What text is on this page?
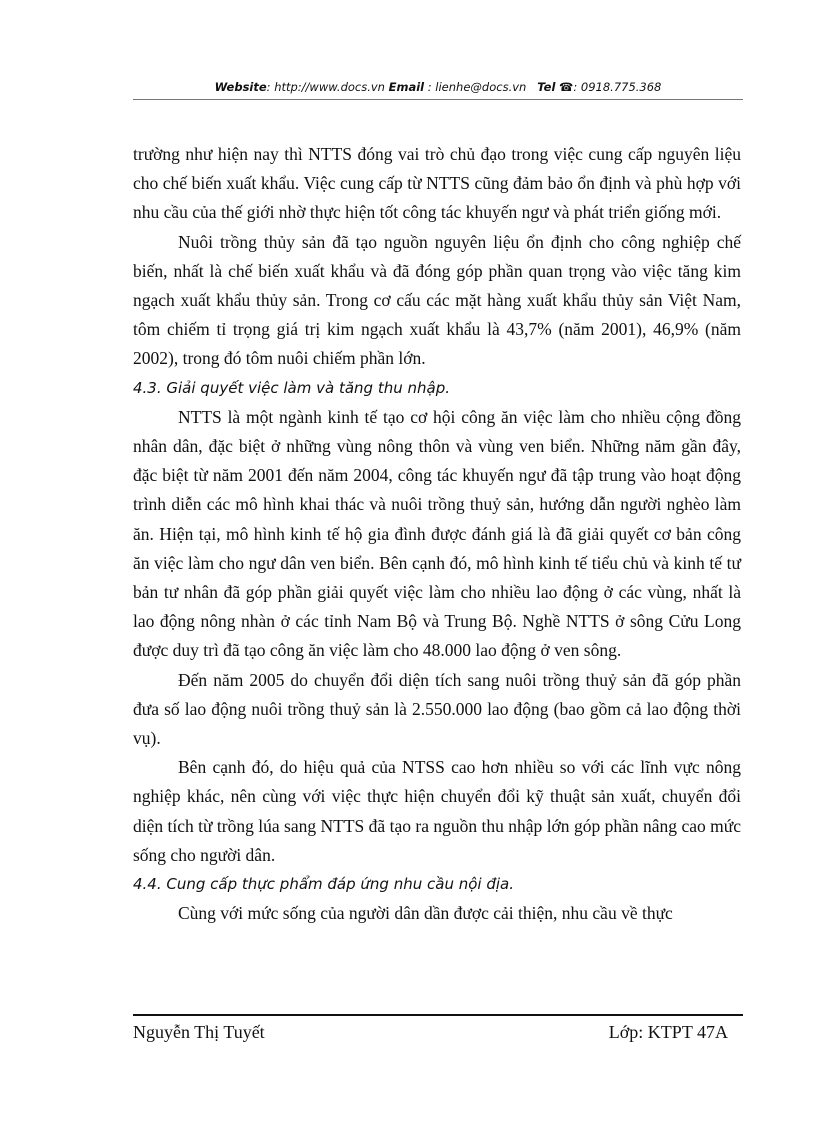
Website: http://www.docs.vn Email : lienhe@docs.vn Tel ☎: 0918.775.368

trường như hiện nay thì NTTS đóng vai trò chủ đạo trong việc cung cấp nguyên liệu cho chế biến xuất khẩu. Việc cung cấp từ NTTS cũng đảm bảo ổn định và phù hợp với nhu cầu của thế giới nhờ thực hiện tốt công tác khuyến ngư và phát triển giống mới.

Nuôi trồng thủy sản đã tạo nguồn nguyên liệu ổn định cho công nghiệp chế biến, nhất là chế biến xuất khẩu và đã đóng góp phần quan trọng vào việc tăng kim ngạch xuất khẩu thủy sản. Trong cơ cấu các mặt hàng xuất khẩu thủy sản Việt Nam, tôm chiếm tỉ trọng giá trị kim ngạch xuất khẩu là 43,7% (năm 2001), 46,9% (năm 2002), trong đó tôm nuôi chiếm phần lớn.

4.3. Giải quyết việc làm và tăng thu nhập.

NTTS là một ngành kinh tế tạo cơ hội công ăn việc làm cho nhiều cộng đồng nhân dân, đặc biệt ở những vùng nông thôn và vùng ven biển. Những năm gần đây, đặc biệt từ năm 2001 đến năm 2004, công tác khuyến ngư đã tập trung vào hoạt động trình diễn các mô hình khai thác và nuôi trồng thuỷ sản, hướng dẫn người nghèo làm ăn. Hiện tại, mô hình kinh tế hộ gia đình được đánh giá là đã giải quyết cơ bản công ăn việc làm cho ngư dân ven biển. Bên cạnh đó, mô hình kinh tế tiểu chủ và kinh tế tư bản tư nhân đã góp phần giải quyết việc làm cho nhiều lao động ở các vùng, nhất là lao động nông nhàn ở các tỉnh Nam Bộ và Trung Bộ. Nghề NTTS ở sông Cửu Long được duy trì đã tạo công ăn việc làm cho 48.000 lao động ở ven sông.

Đến năm 2005 do chuyển đổi diện tích sang nuôi trồng thuỷ sản đã góp phần đưa số lao động nuôi trồng thuỷ sản là 2.550.000 lao động (bao gồm cả lao động thời vụ).

Bên cạnh đó, do hiệu quả của NTSS cao hơn nhiều so với các lĩnh vực nông nghiệp khác, nên cùng với việc thực hiện chuyển đổi kỹ thuật sản xuất, chuyển đổi diện tích từ trồng lúa sang NTTS đã tạo ra nguồn thu nhập lớn góp phần nâng cao mức sống cho người dân.

4.4. Cung cấp thực phẩm đáp ứng nhu cầu nội địa.

Cùng với mức sống của người dân dần được cải thiện, nhu cầu về thực

Nguyễn Thị Tuyết	Lớp: KTPT 47A
